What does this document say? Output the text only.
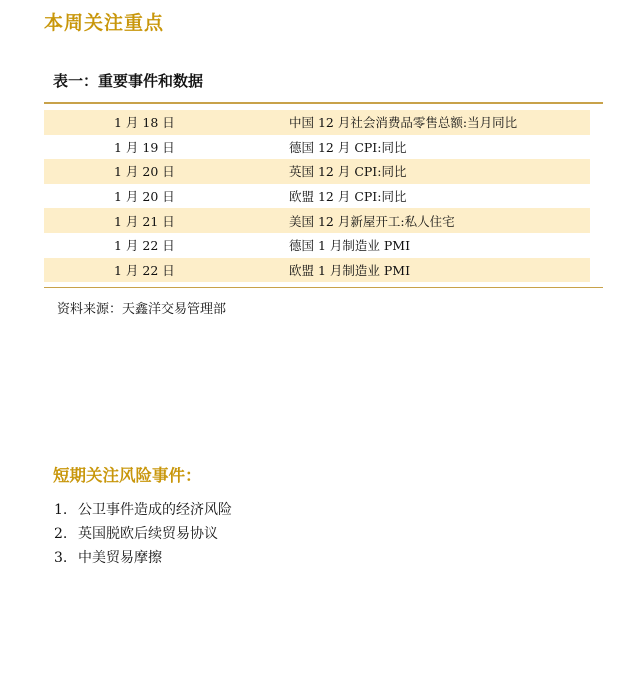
本周关注重点
表一：重要事件和数据
1 月 18 日	中国 12 月社会消费品零售总额:当月同比
1 月 19 日	德国 12 月 CPI:同比
1 月 20 日	英国 12 月 CPI:同比
1 月 20 日	欧盟 12 月 CPI:同比
1 月 21 日	美国 12 月新屋开工:私人住宅
1 月 22 日	德国 1 月制造业 PMI
1 月 22 日	欧盟 1 月制造业 PMI
资料来源：天鑫洋交易管理部
短期关注风险事件：
1. 公卫事件造成的经济风险
2. 英国脱欧后续贸易协议
3. 中美贸易摩擦
